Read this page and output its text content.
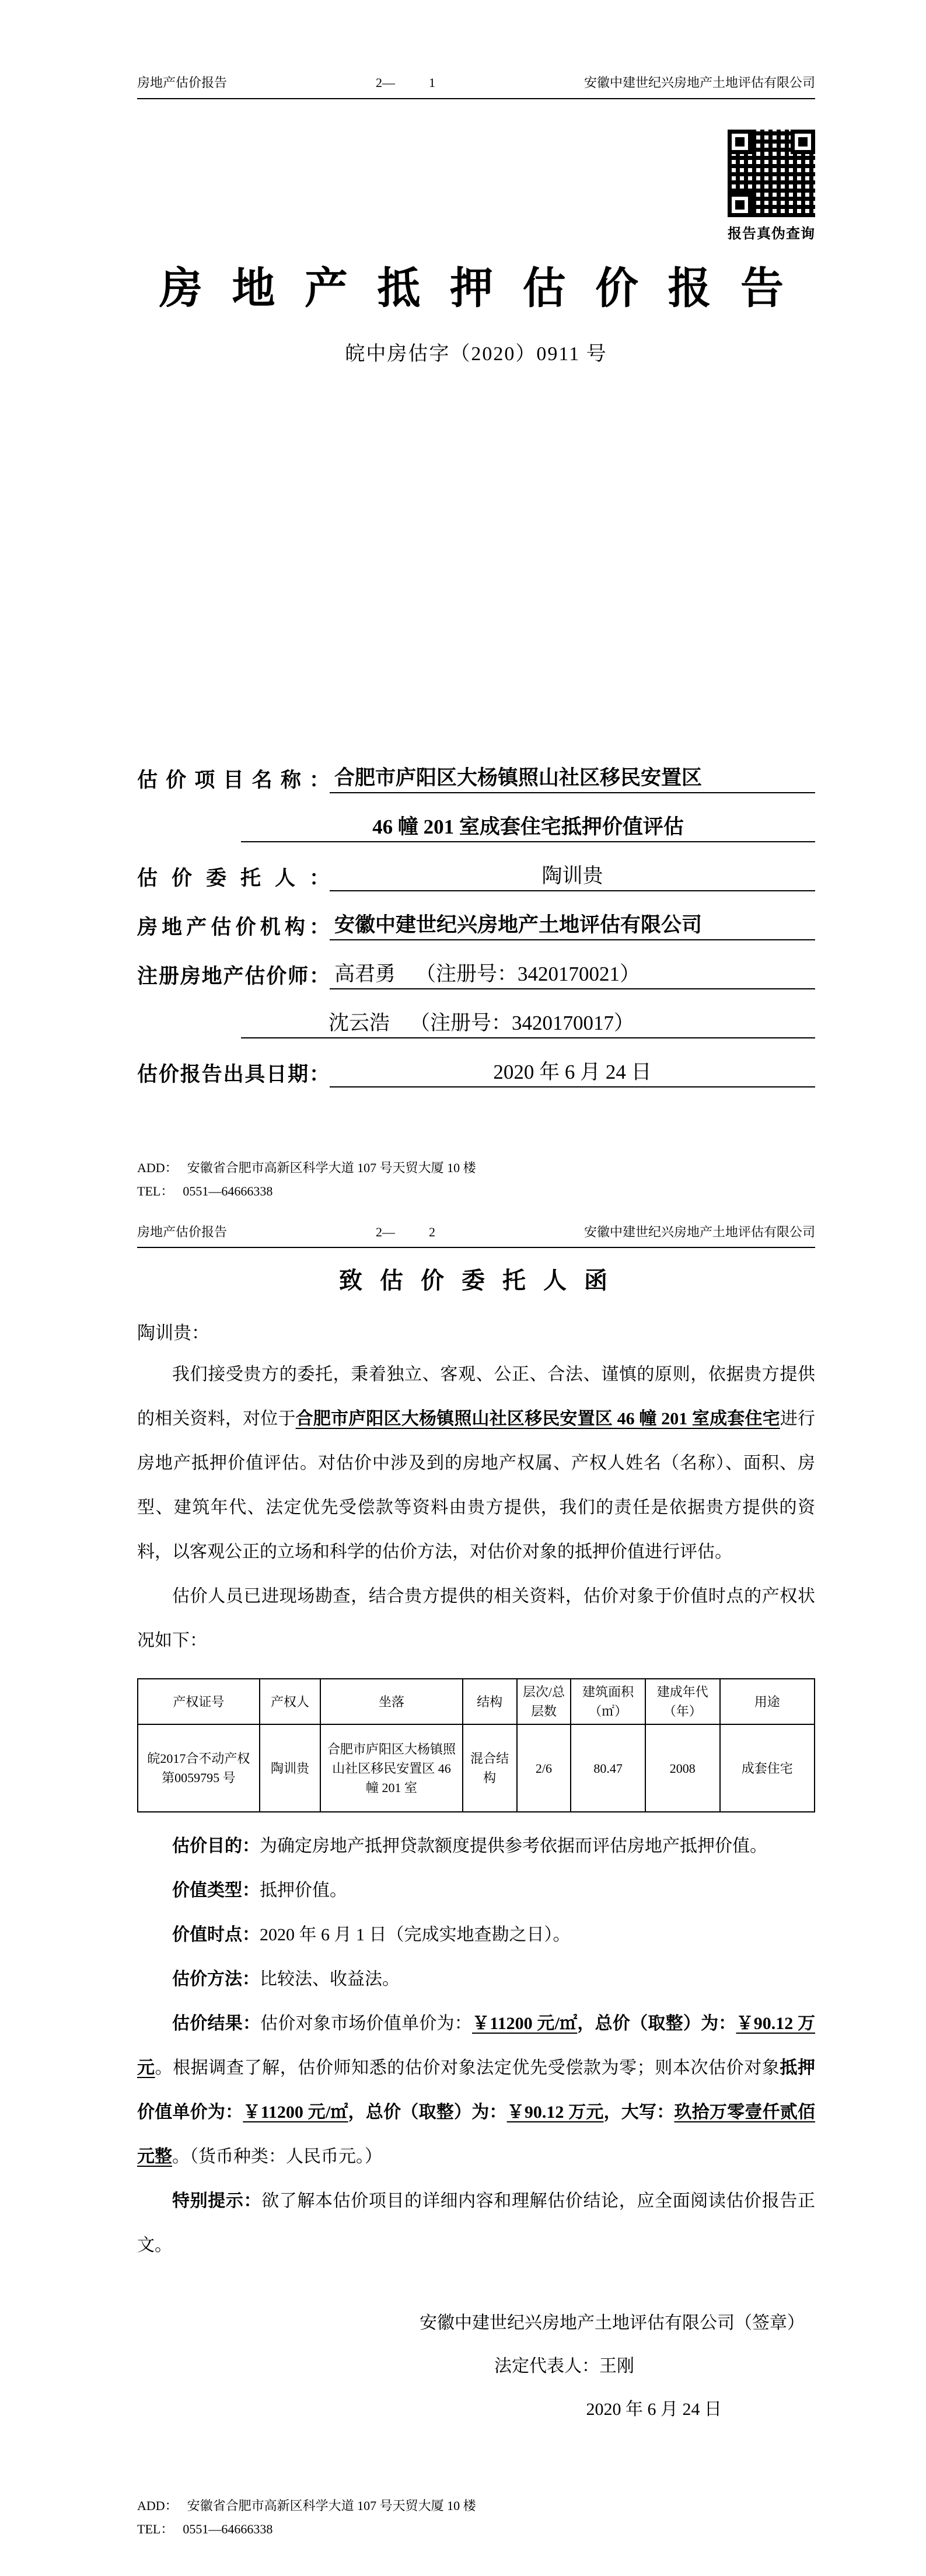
房地产估价报告	2—	1	安徽中建世纪兴房地产土地评估有限公司
报告真伪查询
房 地 产 抵 押 估 价 报 告
皖中房估字（2020）0911 号
估价项目名称： 合肥市庐阳区大杨镇照山社区移民安置区
46 幢 201 室成套住宅抵押价值评估
估价委托人：	陶训贵
房地产估价机构： 安徽中建世纪兴房地产土地评估有限公司
注册房地产估价师： 高君勇 （注册号：3420170021）
沈云浩 （注册号：3420170017）
估价报告出具日期：	2020 年 6 月 24 日
ADD： 安徽省合肥市高新区科学大道 107 号天贸大厦 10 楼
TEL： 0551—64666338
房地产估价报告	2—	2	安徽中建世纪兴房地产土地评估有限公司
致 估 价 委 托 人 函

陶训贵：

我们接受贵方的委托，秉着独立、客观、公正、合法、谨慎的原则，依据贵方提供的相关资料，对位于合肥市庐阳区大杨镇照山社区移民安置区 46 幢 201 室成套住宅进行房地产抵押价值评估。对估价中涉及到的房地产权属、产权人姓名（名称）、面积、房型、建筑年代、法定优先受偿款等资料由贵方提供，我们的责任是依据贵方提供的资料，以客观公正的立场和科学的估价方法，对估价对象的抵押价值进行评估。

估价人员已进现场勘查，结合贵方提供的相关资料，估价对象于价值时点的产权状况如下：

产权证号	产权人	坐落	结构	层次/总层数	建筑面积（㎡）	建成年代（年）	用途
皖2017合不动产权第0059795 号	陶训贵	合肥市庐阳区大杨镇照山社区移民安置区 46 幢 201 室	混合结构	2/6	80.47	2008	成套住宅

估价目的：为确定房地产抵押贷款额度提供参考依据而评估房地产抵押价值。

价值类型：抵押价值。

价值时点：2020 年 6 月 1 日（完成实地查勘之日）。

估价方法：比较法、收益法。

估价结果：估价对象市场价值单价为：￥11200 元/㎡，总价（取整）为：￥90.12 万元。根据调查了解，估价师知悉的估价对象法定优先受偿款为零；则本次估价对象抵押价值单价为：￥11200 元/㎡，总价（取整）为：￥90.12 万元，大写：玖拾万零壹仟贰佰元整。（货币种类：人民币元。）

特别提示：欲了解本估价项目的详细内容和理解估价结论，应全面阅读估价报告正文。

安徽中建世纪兴房地产土地评估有限公司（签章）
法定代表人：王刚
2020 年 6 月 24 日
ADD： 安徽省合肥市高新区科学大道 107 号天贸大厦 10 楼
TEL： 0551—64666338
